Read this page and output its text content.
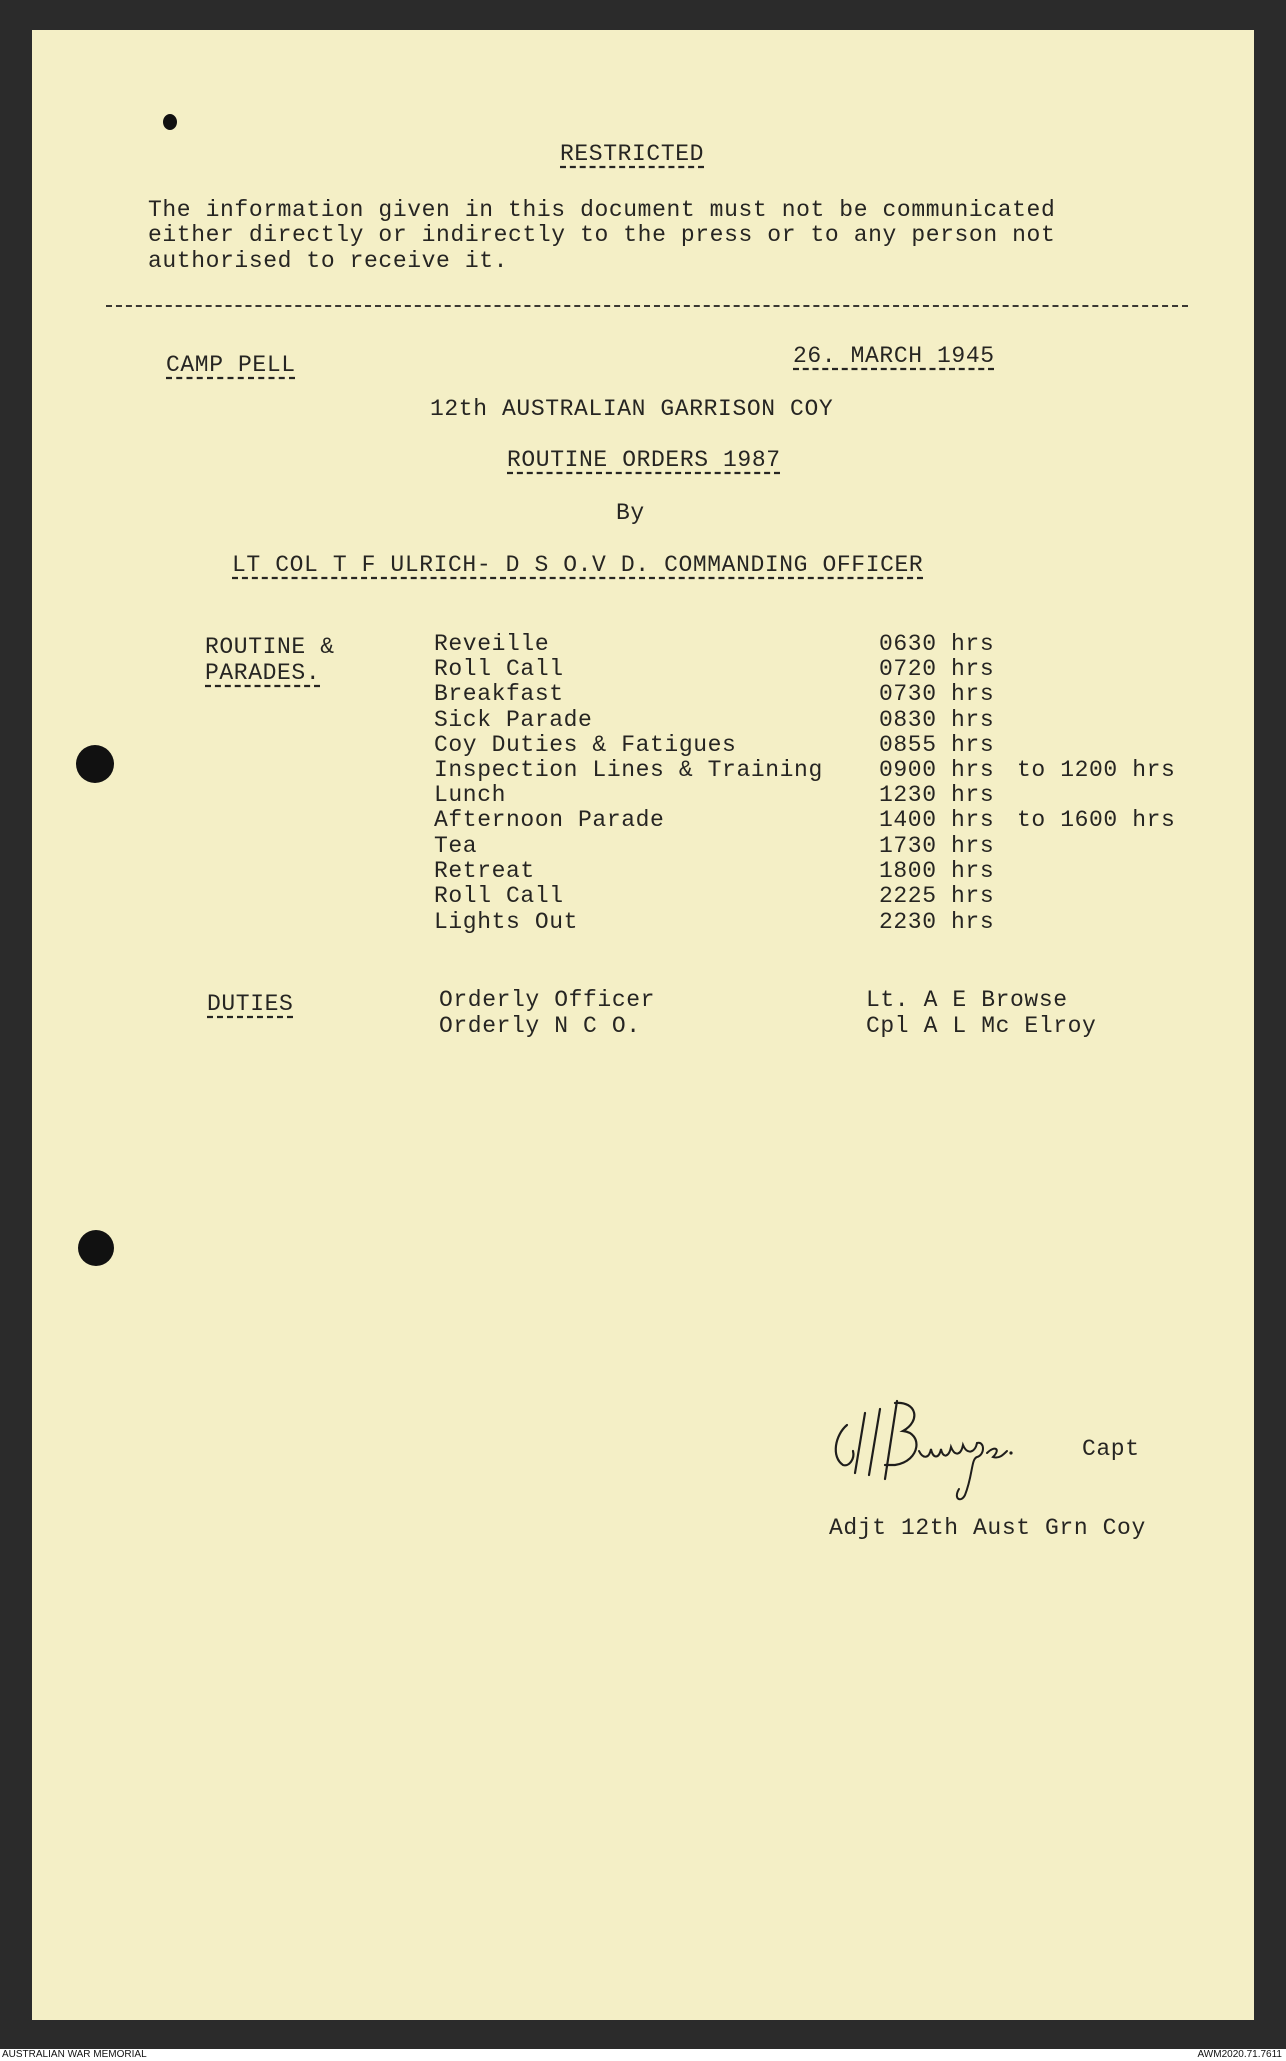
RESTRICTED
The information given in this document must not be communicated
either directly or indirectly to the press or to any person not
authorised to receive it.
CAMP PELL	26. MARCH 1945
12th AUSTRALIAN GARRISON COY
ROUTINE ORDERS 1987
By
LT COL T F ULRICH- D S O.V D. COMMANDING OFFICER
ROUTINE &
PARADES.
Reveille	0630 hrs
Roll Call	0720 hrs
Breakfast	0730 hrs
Sick Parade	0830 hrs
Coy Duties & Fatigues	0855 hrs
Inspection Lines & Training 0900 hrs to 1200 hrs
Lunch	1230 hrs
Afternoon Parade	1400 hrs to 1600 hrs
Tea	1730 hrs
Retreat	1800 hrs
Roll Call	2225 hrs
Lights Out	2230 hrs
DUTIES	Orderly Officer	Lt. A E Browse
Orderly N C O.	Cpl A L Mc Elroy
Capt
Adjt 12th Aust Grn Coy
AUSTRALIAN WAR MEMORIAL	AWM2020.71.7611
